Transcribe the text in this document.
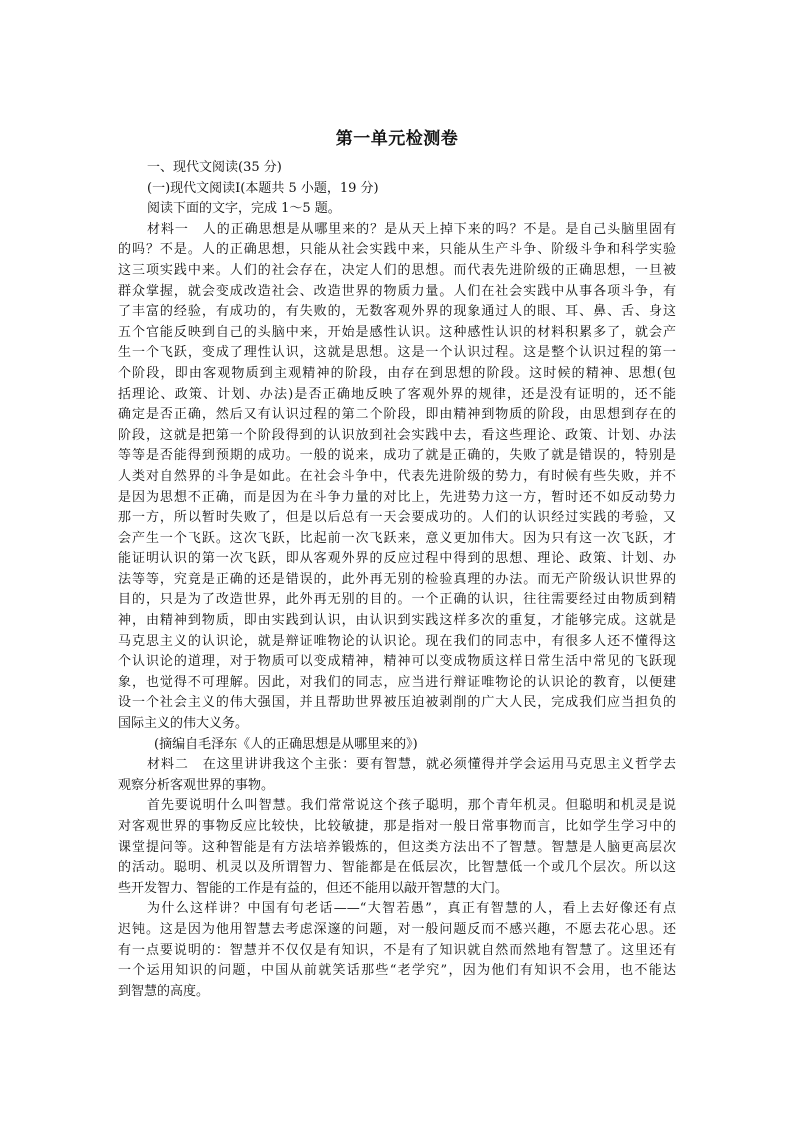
第一单元检测卷
一、现代文阅读(35 分)
(一)现代文阅读Ⅰ(本题共 5 小题，19 分)
阅读下面的文字，完成 1～5 题。
材料一　人的正确思想是从哪里来的？是从天上掉下来的吗？不是。是自己头脑里固有
的吗？不是。人的正确思想，只能从社会实践中来，只能从生产斗争、阶级斗争和科学实验
这三项实践中来。人们的社会存在，决定人们的思想。而代表先进阶级的正确思想，一旦被
群众掌握，就会变成改造社会、改造世界的物质力量。人们在社会实践中从事各项斗争，有
了丰富的经验，有成功的，有失败的，无数客观外界的现象通过人的眼、耳、鼻、舌、身这
五个官能反映到自己的头脑中来，开始是感性认识。这种感性认识的材料积累多了，就会产
生一个飞跃，变成了理性认识，这就是思想。这是一个认识过程。这是整个认识过程的第一
个阶段，即由客观物质到主观精神的阶段，由存在到思想的阶段。这时候的精神、思想(包
括理论、政策、计划、办法)是否正确地反映了客观外界的规律，还是没有证明的，还不能
确定是否正确，然后又有认识过程的第二个阶段，即由精神到物质的阶段，由思想到存在的
阶段，这就是把第一个阶段得到的认识放到社会实践中去，看这些理论、政策、计划、办法
等等是否能得到预期的成功。一般的说来，成功了就是正确的，失败了就是错误的，特别是
人类对自然界的斗争是如此。在社会斗争中，代表先进阶级的势力，有时候有些失败，并不
是因为思想不正确，而是因为在斗争力量的对比上，先进势力这一方，暂时还不如反动势力
那一方，所以暂时失败了，但是以后总有一天会要成功的。人们的认识经过实践的考验，又
会产生一个飞跃。这次飞跃，比起前一次飞跃来，意义更加伟大。因为只有这一次飞跃，才
能证明认识的第一次飞跃，即从客观外界的反应过程中得到的思想、理论、政策、计划、办
法等等，究竟是正确的还是错误的，此外再无别的检验真理的办法。而无产阶级认识世界的
目的，只是为了改造世界，此外再无别的目的。一个正确的认识，往往需要经过由物质到精
神，由精神到物质，即由实践到认识，由认识到实践这样多次的重复，才能够完成。这就是
马克思主义的认识论，就是辩证唯物论的认识论。现在我们的同志中，有很多人还不懂得这
个认识论的道理，对于物质可以变成精神，精神可以变成物质这样日常生活中常见的飞跃现
象，也觉得不可理解。因此，对我们的同志，应当进行辩证唯物论的认识论的教育，以便建
设一个社会主义的伟大强国，并且帮助世界被压迫被剥削的广大人民，完成我们应当担负的
国际主义的伟大义务。
(摘编自毛泽东《人的正确思想是从哪里来的》)
材料二　在这里讲讲我这个主张：要有智慧，就必须懂得并学会运用马克思主义哲学去
观察分析客观世界的事物。
首先要说明什么叫智慧。我们常常说这个孩子聪明，那个青年机灵。但聪明和机灵是说
对客观世界的事物反应比较快，比较敏捷，那是指对一般日常事物而言，比如学生学习中的
课堂提问等。这种智能是有方法培养锻炼的，但这类方法出不了智慧。智慧是人脑更高层次
的活动。聪明、机灵以及所谓智力、智能都是在低层次，比智慧低一个或几个层次。所以这
些开发智力、智能的工作是有益的，但还不能用以敲开智慧的大门。
为什么这样讲？中国有句老话——“大智若愚”，真正有智慧的人，看上去好像还有点
迟钝。这是因为他用智慧去考虑深邃的问题，对一般问题反而不感兴趣，不愿去花心思。还
有一点要说明的：智慧并不仅仅是有知识，不是有了知识就自然而然地有智慧了。这里还有
一个运用知识的问题，中国从前就笑话那些“老学究”，因为他们有知识不会用，也不能达
到智慧的高度。
